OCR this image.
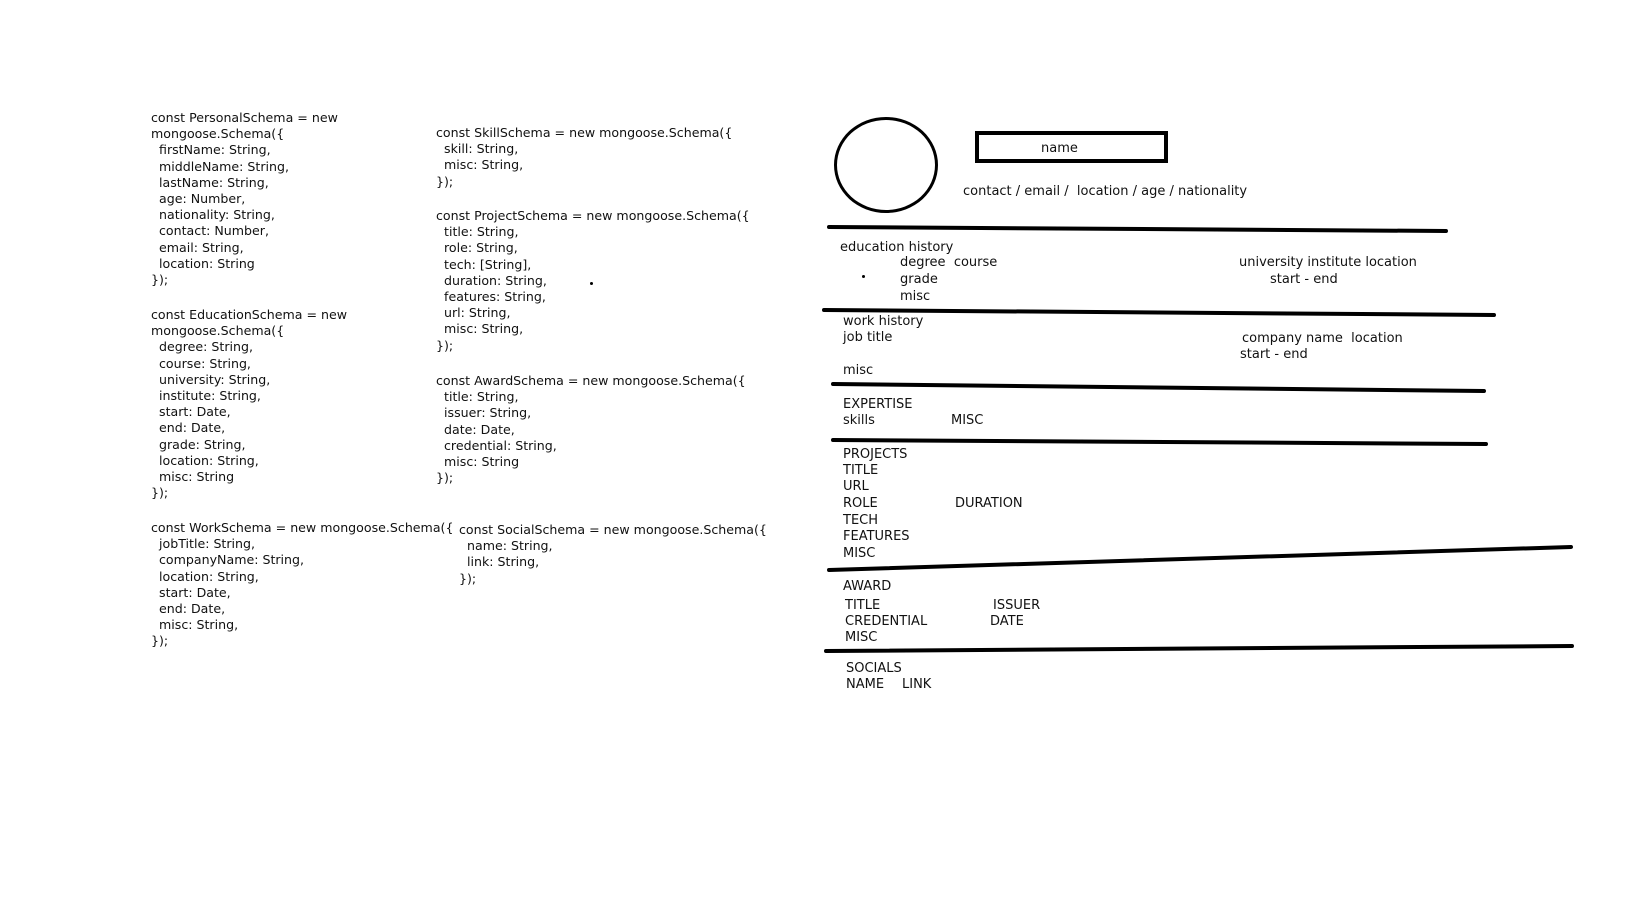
const PersonalSchema = new
mongoose.Schema({
firstName: String,
middleName: String,
lastName: String,
age: Number,
nationality: String,
contact: Number,
email: String,
location: String
});
const EducationSchema = new
mongoose.Schema({
degree: String,
course: String,
university: String,
institute: String,
start: Date,
end: Date,
grade: String,
location: String,
misc: String
});
const WorkSchema = new mongoose.Schema({
jobTitle: String,
companyName: String,
location: String,
start: Date,
end: Date,
misc: String,
});
const SkillSchema = new mongoose.Schema({
skill: String,
misc: String,
});
const ProjectSchema = new mongoose.Schema({
title: String,
role: String,
tech: [String],
duration: String,
features: String,
url: String,
misc: String,
});
const AwardSchema = new mongoose.Schema({
title: String,
issuer: String,
date: Date,
credential: String,
misc: String
});
const SocialSchema = new mongoose.Schema({
name: String,
link: String,
});
name
contact / email /  location / age / nationality
education history
degree  course
grade
misc
university institute location
start - end
work history
job title	company name  location
start - end
misc
EXPERTISE
skills	MISC
PROJECTS
TITLE
URL
ROLE	DURATION
TECH
FEATURES
MISC
AWARD
TITLE	ISSUER
CREDENTIAL	DATE
MISC
SOCIALS
NAME LINK
